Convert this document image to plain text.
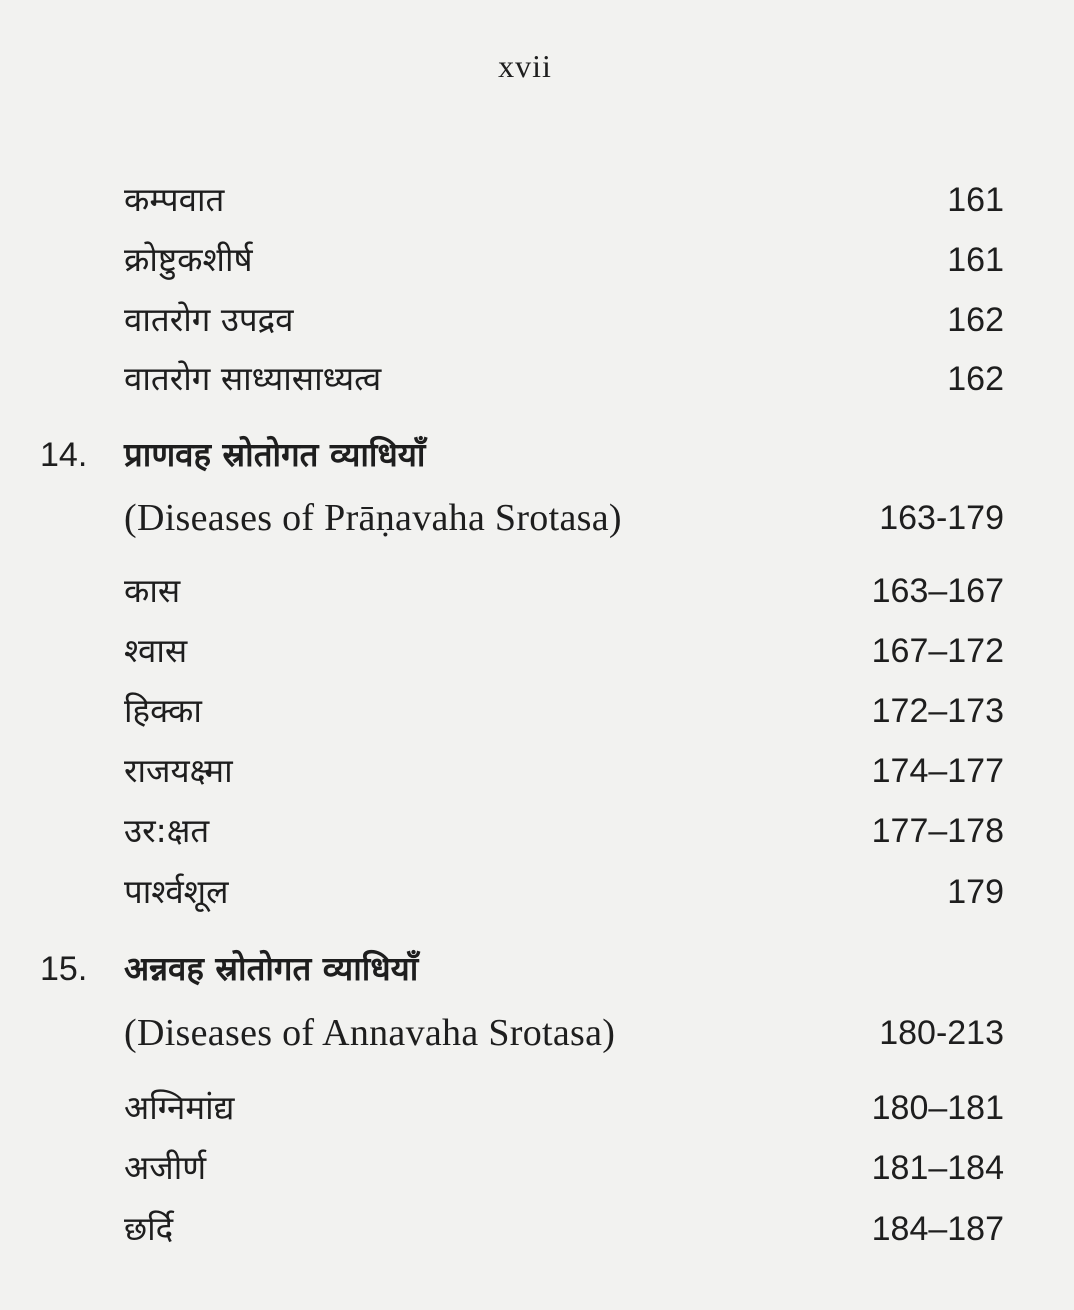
xvii
कम्पवात	161
क्रोष्टुकशीर्ष	161
वातरोग उपद्रव	162
वातरोग साध्यासाध्यत्व	162
14. प्राणवह स्रोतोगत व्याधियाँ
(Diseases of Prāṇavaha Srotasa)	163-179
कास	163–167
श्वास	167–172
हिक्का	172–173
राजयक्ष्मा	174–177
उर:क्षत	177–178
पार्श्वशूल	179
15. अन्नवह स्रोतोगत व्याधियाँ
(Diseases of Annavaha Srotasa)	180-213
अग्निमांद्य	180–181
अजीर्ण	181–184
छर्दि	184–187
